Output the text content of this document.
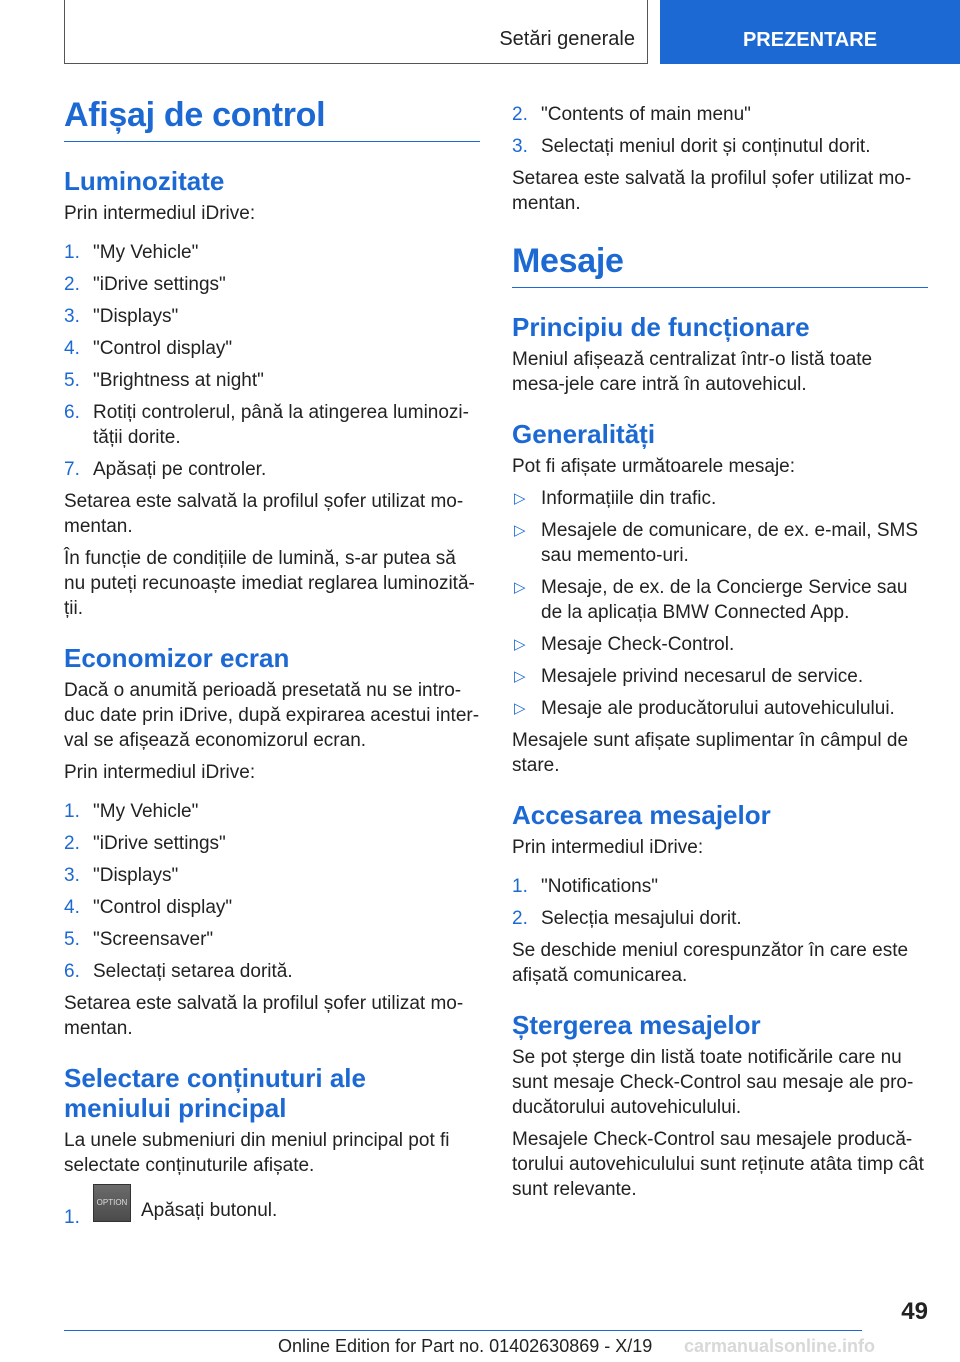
Setări generale	PREZENTARE
Afișaj de control
Luminozitate

Prin intermediul iDrive:

1. "My Vehicle"
2. "iDrive settings"
3. "Displays"
4. "Control display"
5. "Brightness at night"
6. Rotiți controlerul, până la atingerea luminozi-tății dorite.
7. Apăsați pe controler.

Setarea este salvată la profilul șofer utilizat mo-mentan.

În funcție de condițiile de lumină, s-ar putea să nu puteți recunoaște imediat reglarea luminozită-ții.

Economizor ecran

Dacă o anumită perioadă presetată nu se intro-duc date prin iDrive, după expirarea acestui inter-val se afișează economizorul ecran.

Prin intermediul iDrive:

1. "My Vehicle"
2. "iDrive settings"
3. "Displays"
4. "Control display"
5. "Screensaver"
6. Selectați setarea dorită.

Setarea este salvată la profilul șofer utilizat mo-mentan.

Selectare conținuturi ale meniului principal

La unele submeniuri din meniul principal pot fi selectate conținuturile afișate.

1.
OPTION Apăsați butonul.
2. "Contents of main menu"
3. Selectați meniul dorit și conținutul dorit.

Setarea este salvată la profilul șofer utilizat mo-mentan.

Mesaje
Principiu de funcționare

Meniul afișează centralizat într-o listă toate mesa-jele care intră în autovehicul.

Generalități

Pot fi afișate următoarele mesaje:

▷ Informațiile din trafic.
▷ Mesajele de comunicare, de ex. e-mail, SMS sau memento-uri.
▷ Mesaje, de ex. de la Concierge Service sau de la aplicația BMW Connected App.
▷ Mesaje Check-Control.
▷ Mesajele privind necesarul de service.
▷ Mesaje ale producătorului autovehiculului.

Mesajele sunt afișate suplimentar în câmpul de stare.

Accesarea mesajelor

Prin intermediul iDrive:

1. "Notifications"
2. Selecția mesajului dorit.

Se deschide meniul corespunzător în care este afișată comunicarea.

Ștergerea mesajelor

Se pot șterge din listă toate notificările care nu sunt mesaje Check-Control sau mesaje ale pro-ducătorului autovehiculului.

Mesajele Check-Control sau mesajele producă-torului autovehiculului sunt reținute atâta timp cât sunt relevante.

49
Online Edition for Part no. 01402630869 - X/19 carmanualsonline.info
